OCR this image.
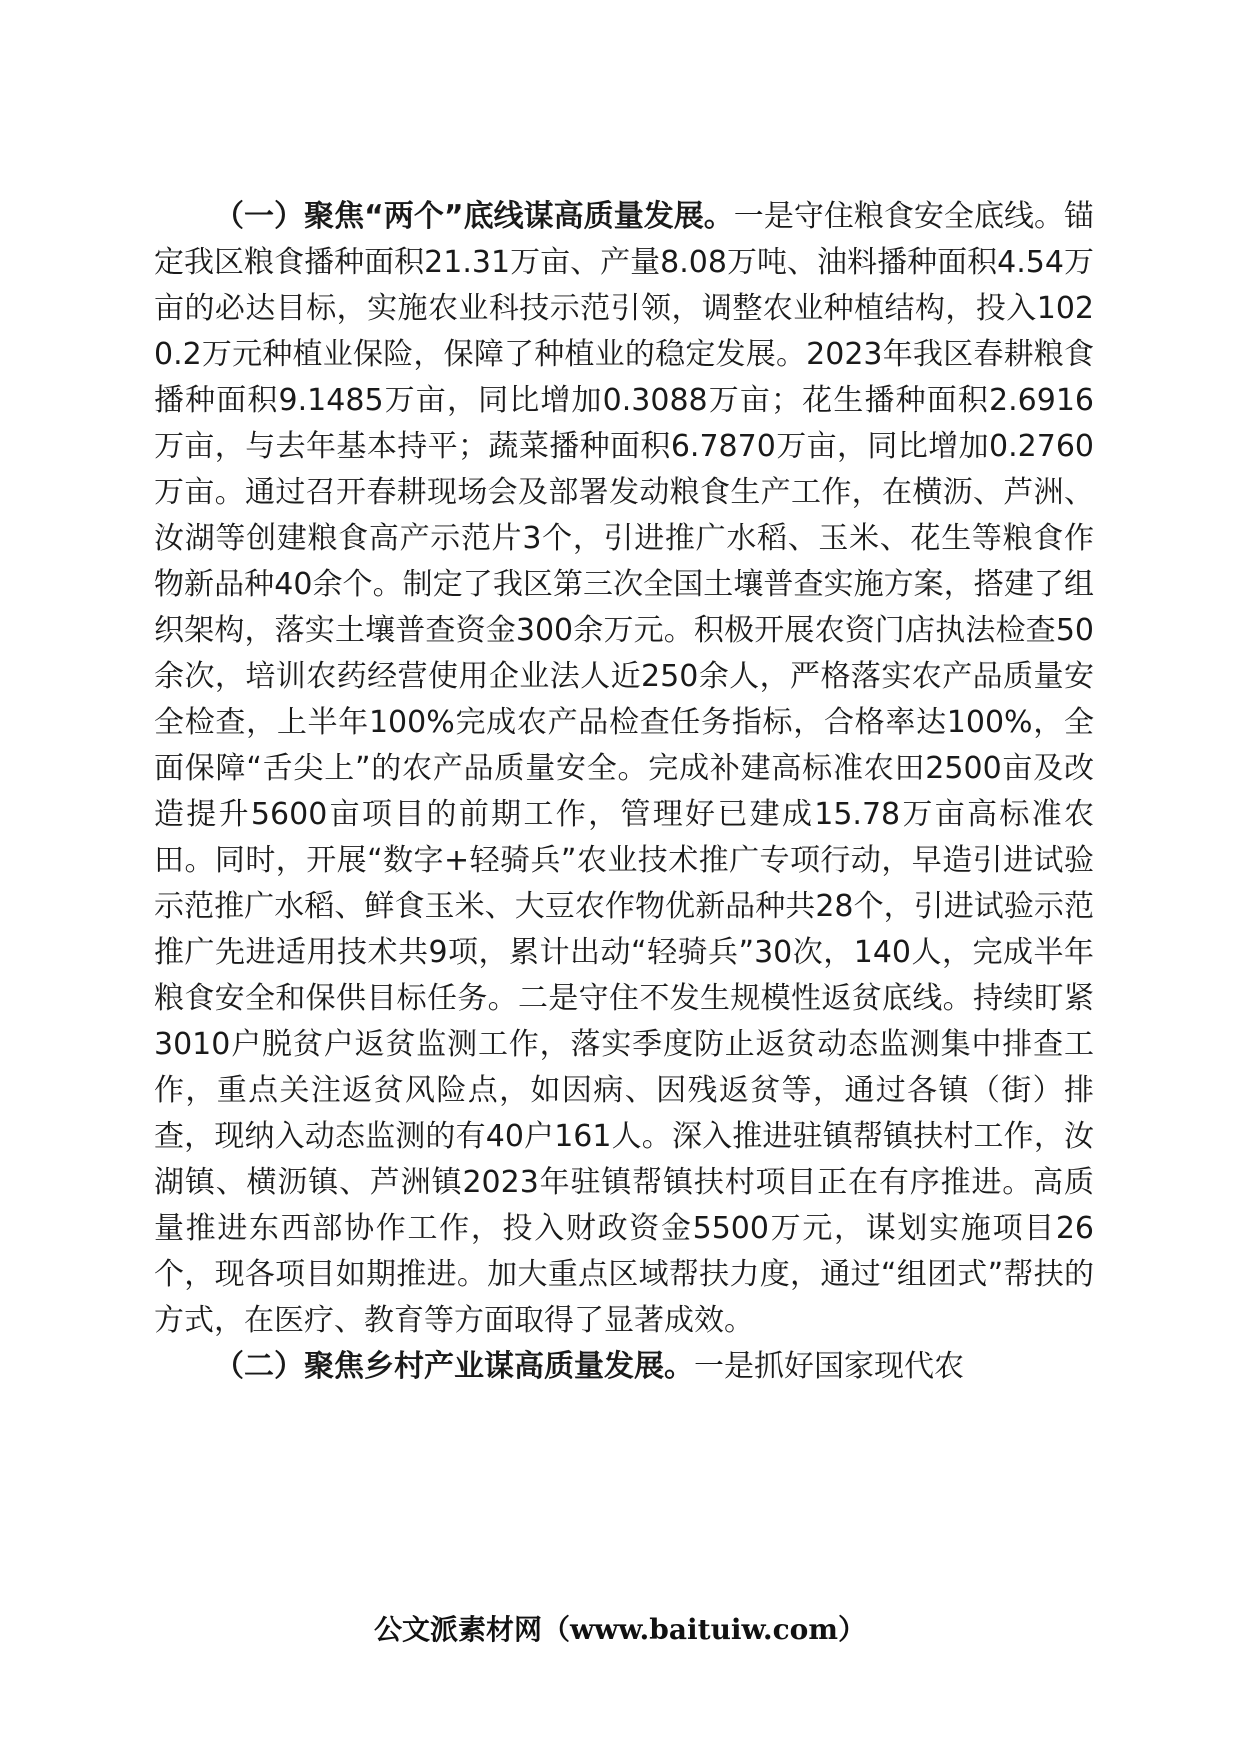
（一）聚焦“两个”底线谋高质量发展。一是守住粮食安全底线。锚定我区粮食播种面积21.31万亩、产量8.08万吨、油料播种面积4.54万亩的必达目标，实施农业科技示范引领，调整农业种植结构，投入1020.2万元种植业保险，保障了种植业的稳定发展。2023年我区春耕粮食播种面积9.1485万亩，同比增加0.3088万亩；花生播种面积2.6916万亩，与去年基本持平；蔬菜播种面积6.7870万亩，同比增加0.2760万亩。通过召开春耕现场会及部署发动粮食生产工作，在横沥、芦洲、汝湖等创建粮食高产示范片3个，引进推广水稻、玉米、花生等粮食作物新品种40余个。制定了我区第三次全国土壤普查实施方案，搭建了组织架构，落实土壤普查资金300余万元。积极开展农资门店执法检查50余次，培训农药经营使用企业法人近250余人，严格落实农产品质量安全检查，上半年100%完成农产品检查任务指标，合格率达100%，全面保障“舌尖上”的农产品质量安全。完成补建高标准农田2500亩及改造提升5600亩项目的前期工作，管理好已建成15.78万亩高标准农田。同时，开展“数字+轻骑兵”农业技术推广专项行动，早造引进试验示范推广水稻、鲜食玉米、大豆农作物优新品种共28个，引进试验示范推广先进适用技术共9项，累计出动“轻骑兵”30次，140人，完成半年粮食安全和保供目标任务。二是守住不发生规模性返贫底线。持续盯紧3010户脱贫户返贫监测工作，落实季度防止返贫动态监测集中排查工作，重点关注返贫风险点，如因病、因残返贫等，通过各镇（街）排查，现纳入动态监测的有40户161人。深入推进驻镇帮镇扶村工作，汝湖镇、横沥镇、芦洲镇2023年驻镇帮镇扶村项目正在有序推进。高质量推进东西部协作工作，投入财政资金5500万元，谋划实施项目26个，现各项目如期推进。加大重点区域帮扶力度，通过“组团式”帮扶的方式，在医疗、教育等方面取得了显著成效。

（二）聚焦乡村产业谋高质量发展。一是抓好国家现代农

公文派素材网（www.baituiw.com）
